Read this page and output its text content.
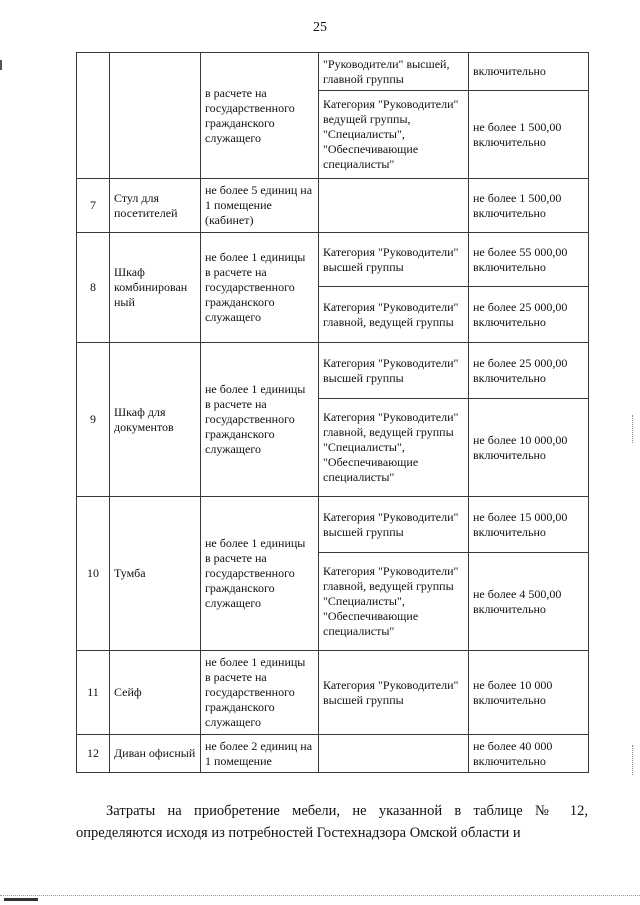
25
		в расчете на государственного гражданского служащего	"Руководители" высшей, главной группы	включительно
			Категория "Руководители" ведущей группы, "Специалисты", "Обеспечивающие специалисты"	не более 1 500,00 включительно
7	Стул для посетителей	не более 5 единиц на 1 помещение (кабинет)		не более 1 500,00 включительно
8	Шкаф комбинирован ный	не более 1 единицы в расчете на государственного гражданского служащего	Категория "Руководители" высшей группы	не более 55 000,00 включительно
			Категория "Руководители" главной, ведущей группы	не более 25 000,00 включительно
9	Шкаф для документов	не более 1 единицы в расчете на государственного гражданского служащего	Категория "Руководители" высшей группы	не более 25 000,00 включительно
			Категория "Руководители" главной, ведущей группы "Специалисты", "Обеспечивающие специалисты"	не более 10 000,00 включительно
10	Тумба	не более 1 единицы в расчете на государственного гражданского служащего	Категория "Руководители" высшей группы	не более 15 000,00 включительно
			Категория "Руководители" главной, ведущей группы "Специалисты", "Обеспечивающие специалисты"	не более 4 500,00 включительно
11	Сейф	не более 1 единицы в расчете на государственного гражданского служащего	Категория "Руководители" высшей группы	не более 10 000 включительно
12	Диван офисный	не более 2 единиц на 1 помещение		не более 40 000 включительно
Затраты на приобретение мебели, не указанной в таблице № 12, определяются исходя из потребностей Гостехнадзора Омской области и
